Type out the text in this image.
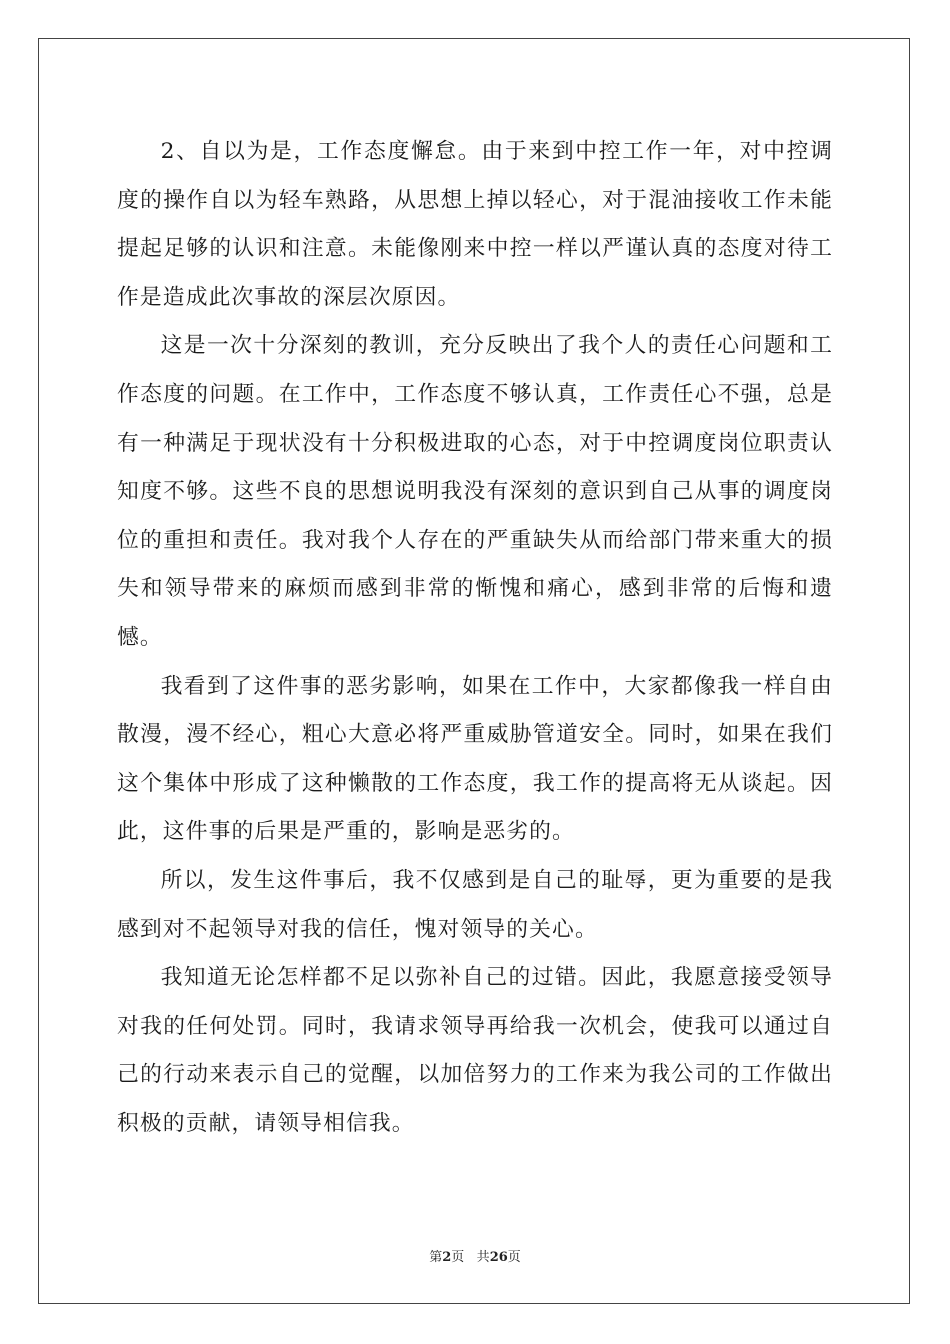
2、自以为是，工作态度懈怠。由于来到中控工作一年，对中控调度的操作自以为轻车熟路，从思想上掉以轻心，对于混油接收工作未能提起足够的认识和注意。未能像刚来中控一样以严谨认真的态度对待工作是造成此次事故的深层次原因。

这是一次十分深刻的教训，充分反映出了我个人的责任心问题和工作态度的问题。在工作中，工作态度不够认真，工作责任心不强，总是有一种满足于现状没有十分积极进取的心态，对于中控调度岗位职责认知度不够。这些不良的思想说明我没有深刻的意识到自己从事的调度岗位的重担和责任。我对我个人存在的严重缺失从而给部门带来重大的损失和领导带来的麻烦而感到非常的惭愧和痛心，感到非常的后悔和遗憾。

我看到了这件事的恶劣影响，如果在工作中，大家都像我一样自由散漫，漫不经心，粗心大意必将严重威胁管道安全。同时，如果在我们这个集体中形成了这种懒散的工作态度，我工作的提高将无从谈起。因此，这件事的后果是严重的，影响是恶劣的。

所以，发生这件事后，我不仅感到是自己的耻辱，更为重要的是我感到对不起领导对我的信任，愧对领导的关心。

我知道无论怎样都不足以弥补自己的过错。因此，我愿意接受领导对我的任何处罚。同时，我请求领导再给我一次机会，使我可以通过自己的行动来表示自己的觉醒，以加倍努力的工作来为我公司的工作做出积极的贡献，请领导相信我。

第2页 共26页
